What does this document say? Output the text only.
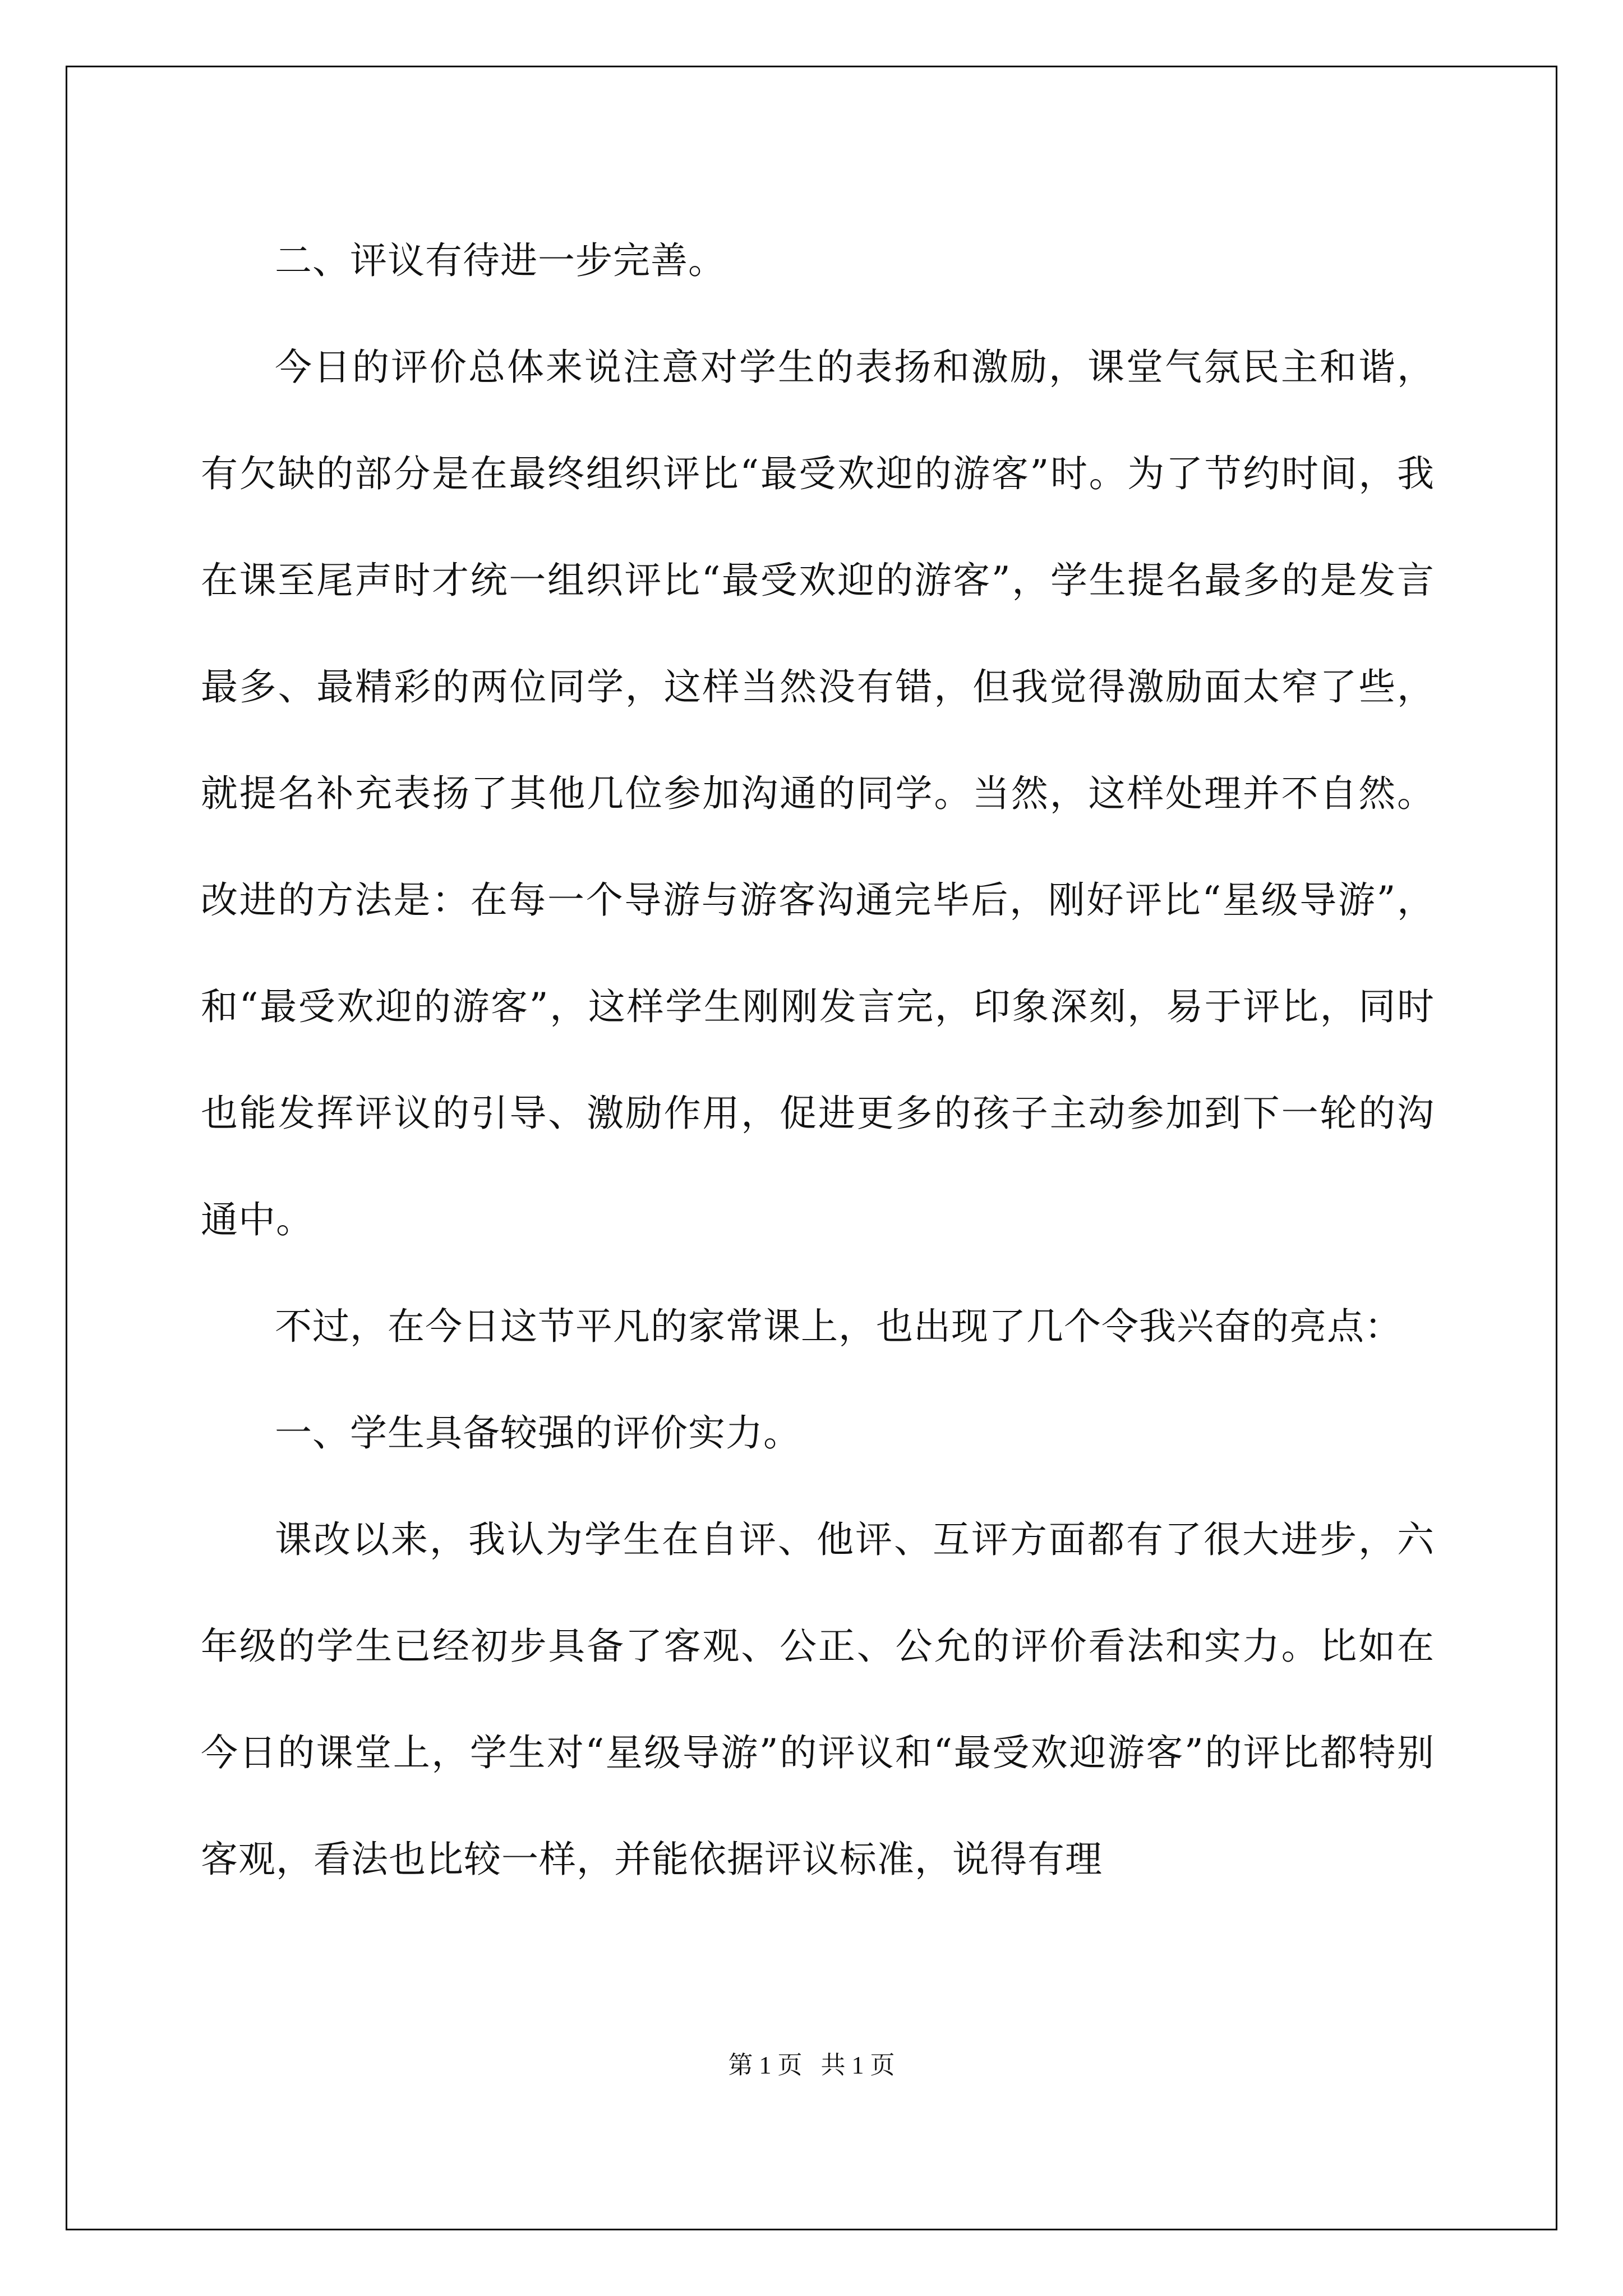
二、评议有待进一步完善。

今日的评价总体来说注意对学生的表扬和激励，课堂气氛民主和谐，有欠缺的部分是在最终组织评比“最受欢迎的游客”时。为了节约时间，我在课至尾声时才统一组织评比“最受欢迎的游客”，学生提名最多的是发言最多、最精彩的两位同学，这样当然没有错，但我觉得激励面太窄了些，就提名补充表扬了其他几位参加沟通的同学。当然，这样处理并不自然。改进的方法是：在每一个导游与游客沟通完毕后，刚好评比“星级导游”，和“最受欢迎的游客”，这样学生刚刚发言完，印象深刻，易于评比，同时也能发挥评议的引导、激励作用，促进更多的孩子主动参加到下一轮的沟通中。

不过，在今日这节平凡的家常课上，也出现了几个令我兴奋的亮点：

一、学生具备较强的评价实力。

课改以来，我认为学生在自评、他评、互评方面都有了很大进步，六年级的学生已经初步具备了客观、公正、公允的评价看法和实力。比如在今日的课堂上，学生对“星级导游”的评议和“最受欢迎游客”的评比都特别客观，看法也比较一样，并能依据评议标准，说得有理

第 1 页 共 1 页
